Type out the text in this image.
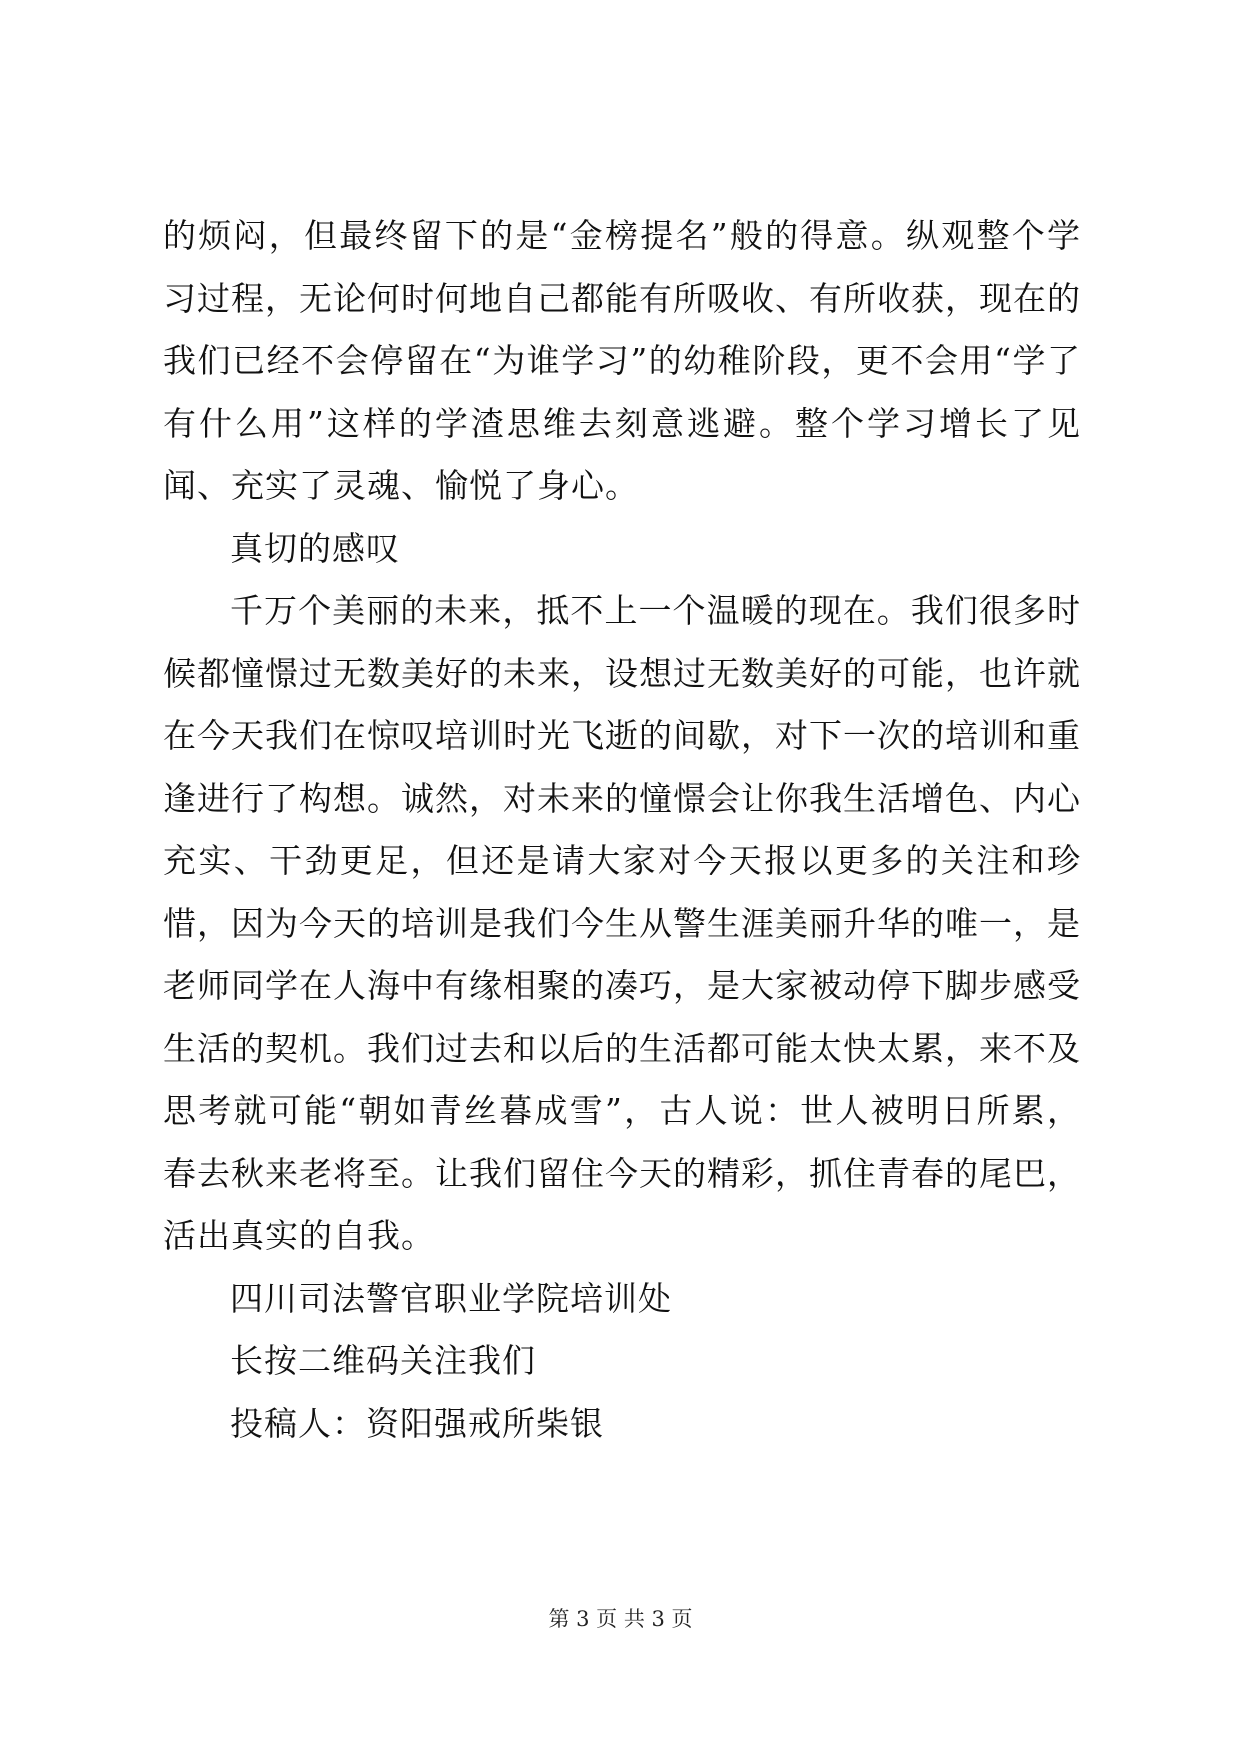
的烦闷，但最终留下的是“金榜提名”般的得意。纵观整个学习过程，无论何时何地自己都能有所吸收、有所收获，现在的我们已经不会停留在“为谁学习”的幼稚阶段，更不会用“学了有什么用”这样的学渣思维去刻意逃避。整个学习增长了见闻、充实了灵魂、愉悦了身心。

真切的感叹

千万个美丽的未来，抵不上一个温暖的现在。我们很多时候都憧憬过无数美好的未来，设想过无数美好的可能，也许就在今天我们在惊叹培训时光飞逝的间歇，对下一次的培训和重逢进行了构想。诚然，对未来的憧憬会让你我生活增色、内心充实、干劲更足，但还是请大家对今天报以更多的关注和珍惜，因为今天的培训是我们今生从警生涯美丽升华的唯一，是老师同学在人海中有缘相聚的凑巧，是大家被动停下脚步感受生活的契机。我们过去和以后的生活都可能太快太累，来不及思考就可能“朝如青丝暮成雪”，古人说：世人被明日所累，春去秋来老将至。让我们留住今天的精彩，抓住青春的尾巴，活出真实的自我。

四川司法警官职业学院培训处

长按二维码关注我们

投稿人：资阳强戒所柴银

第 3 页 共 3 页
